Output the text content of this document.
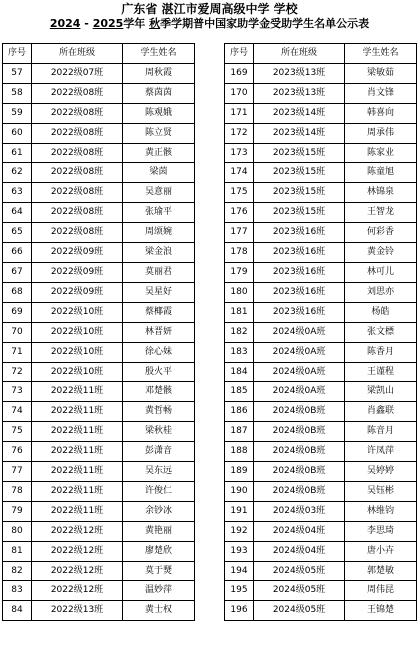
广东省 湛江市爱周高级中学 学校
2024 - 2025学年 秋季学期普中国家助学金受助学生名单公示表
序号	所在班级	学生姓名
57	2022级07班	周秋霞
58	2022级08班	蔡茵茵
59	2022级08班	陈观娥
60	2022级08班	陈立贤
61	2022级08班	黄正骸
62	2022级08班	梁茵
63	2022级08班	吴意丽
64	2022级08班	张瑜平
65	2022级08班	周颂婉
66	2022级09班	梁金浪
67	2022级09班	莫丽君
68	2022级09班	吴星好
69	2022级10班	蔡椰霞
70	2022级10班	林晋妍
71	2022级10班	徐心妹
72	2022级10班	殷火平
73	2022级11班	邓楚骸
74	2022级11班	黄哲畅
75	2022级11班	梁秋桂
76	2022级11班	彭潇音
77	2022级11班	吴东远
78	2022级11班	许俊仁
79	2022级11班	余钞冰
80	2022级12班	黄艳丽
81	2022级12班	廖楚欣
82	2022级12班	莫于燹
83	2022级12班	温妙萍
84	2022级13班	黄士权
序号	所在班级	学生姓名
169	2023级13班	梁敏茹
170	2023级13班	肖文锋
171	2023级14班	韩喜向
172	2023级14班	周承伟
173	2023级15班	陈家业
174	2023级15班	陈童旭
175	2023级15班	林锦泉
176	2023级15班	王智龙
177	2023级16班	何彩香
178	2023级16班	黄金铃
179	2023级16班	林可儿
180	2023级16班	刘思亦
181	2023级16班	杨皓
182	2024级0A班	张文標
183	2024级0A班	陈香月
184	2024级0A班	王谨程
185	2024级0A班	梁凯山
186	2024级0B班	肖鑫联
187	2024级0B班	陈音月
188	2024级0B班	许凤萍
189	2024级0B班	吴婷婷
190	2024级0B班	吴钰彬
191	2024级03班	林维钧
192	2024级04班	李思琦
193	2024级04班	唐小卉
194	2024级05班	郭楚敏
195	2024级05班	周伟昆
196	2024级05班	王锦楚
